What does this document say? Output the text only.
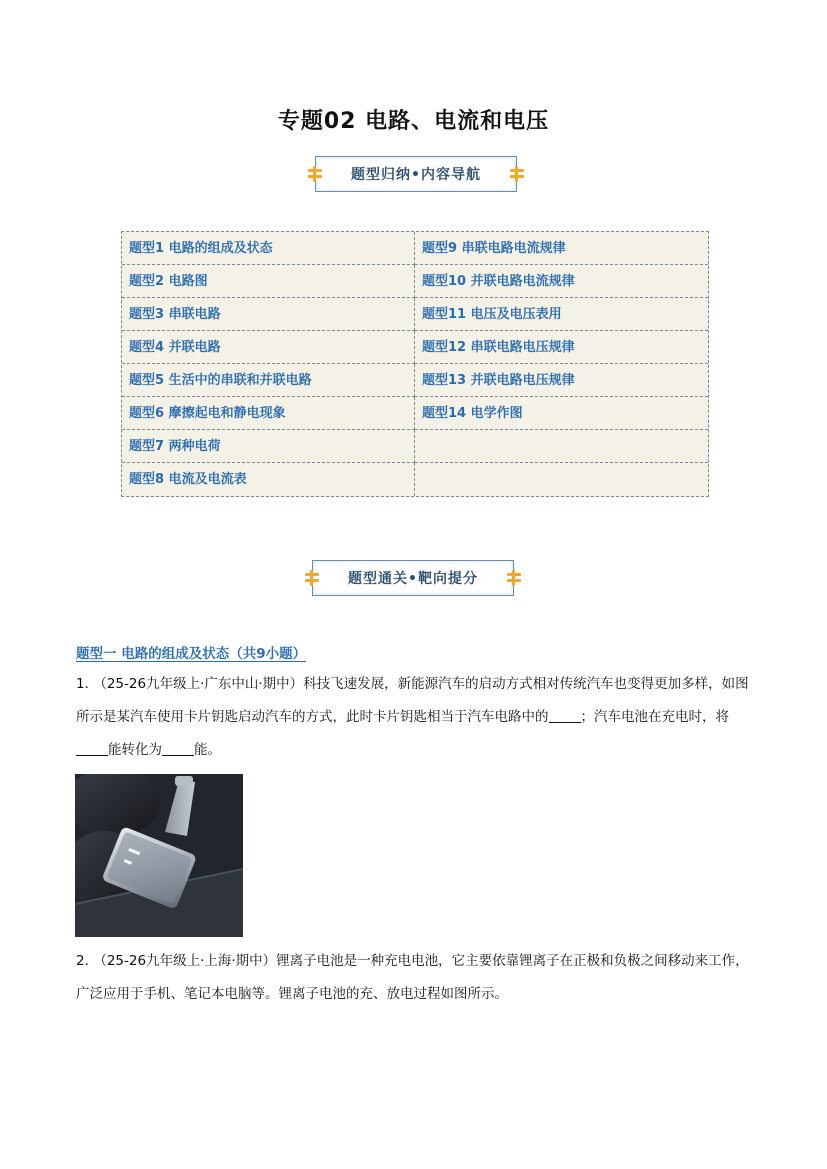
专题02 电路、电流和电压
题型归纳•内容导航
题型1 电路的组成及状态	题型9 串联电路电流规律
题型2 电路图	题型10 并联电路电流规律
题型3 串联电路	题型11 电压及电压表用
题型4 并联电路	题型12 串联电路电压规律
题型5 生活中的串联和并联电路	题型13 并联电路电压规律
题型6 摩擦起电和静电现象	题型14 电学作图
题型7 两种电荷
题型8 电流及电流表
题型通关•靶向提分
题型一 电路的组成及状态（共9小题）
1． （25-26九年级上·广东中山·期中）科技飞速发展，新能源汽车的启动方式相对传统汽车也变得更加多样，如图所示是某汽车使用卡片钥匙启动汽车的方式，此时卡片钥匙相当于汽车电路中的 ；汽车电池在充电时，将能转化为 能。
2． （25-26九年级上·上海·期中）锂离子电池是一种充电电池，它主要依靠锂离子在正极和负极之间移动来工作，广泛应用于手机、笔记本电脑等。锂离子电池的充、放电过程如图所示。
